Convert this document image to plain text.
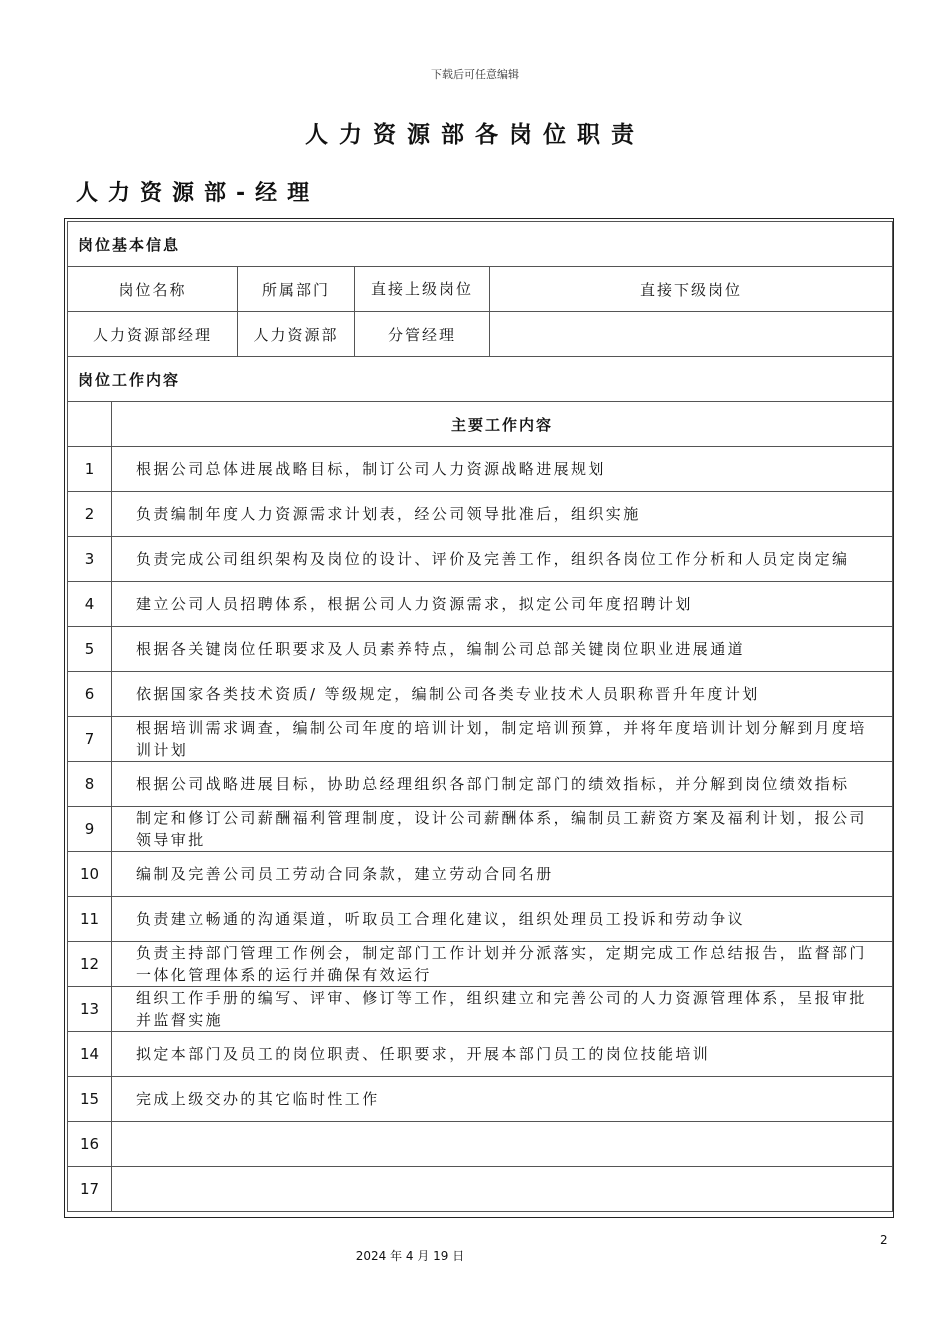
下载后可任意编辑
人力资源部各岗位职责
人力资源部-经理
岗位基本信息				
岗位名称		所属部门	直接上级岗位	直接下级岗位
人力资源部经理		人力资源部	分管经理	
岗位工作内容				
	主要工作内容			
1	根据公司总体进展战略目标，制订公司人力资源战略进展规划			

2	负责编制年度人力资源需求计划表，经公司领导批准后，组织实施			

3	负责完成公司组织架构及岗位的设计、评价及完善工作，组织各岗位工作分析和人员定岗定编			

4	建立公司人员招聘体系，根据公司人力资源需求，拟定公司年度招聘计划			

5	根据各关键岗位任职要求及人员素养特点，编制公司总部关键岗位职业进展通道			

6	依据国家各类技术资质/ 等级规定，编制公司各类专业技术人员职称晋升年度计划			

7	根据培训需求调查，编制公司年度的培训计划，制定培训预算，并将年度培训计划分解到月度培训计划			

8	根据公司战略进展目标，协助总经理组织各部门制定部门的绩效指标，并分解到岗位绩效指标			

9	制定和修订公司薪酬福利管理制度，设计公司薪酬体系，编制员工薪资方案及福利计划，报公司领导审批			

10	编制及完善公司员工劳动合同条款，建立劳动合同名册			

11	负责建立畅通的沟通渠道，听取员工合理化建议，组织处理员工投诉和劳动争议			

12	负责主持部门管理工作例会，制定部门工作计划并分派落实，定期完成工作总结报告，监督部门一体化管理体系的运行并确保有效运行			

13	组织工作手册的编写、评审、修订等工作，组织建立和完善公司的人力资源管理体系，呈报审批并监督实施			

14	拟定本部门及员工的岗位职责、任职要求，开展本部门员工的岗位技能培训			

15	完成上级交办的其它临时性工作			

16				

17				
2
2024 年 4 月 19 日
